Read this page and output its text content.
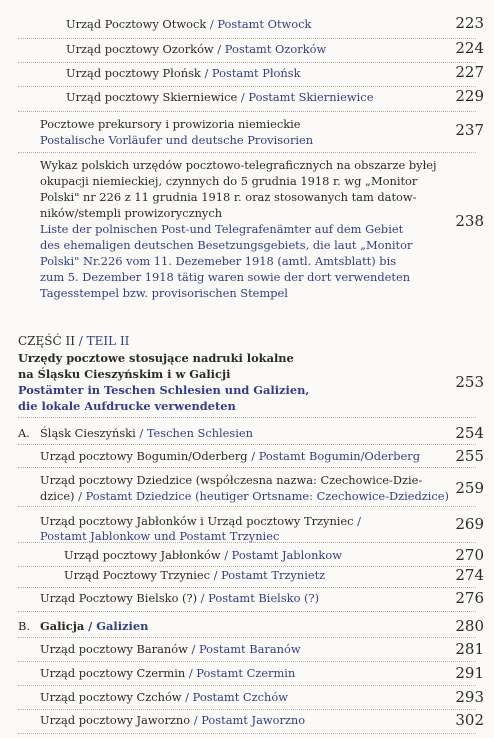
Urząd Pocztowy Otwock / Postamt Otwock	223
Urząd pocztowy Ozorków / Postamt Ozorków	224
Urząd pocztowy Płońsk / Postamt Płońsk	227
Urząd pocztowy Skierniewice / Postamt Skierniewice	229
Pocztowe prekursory i prowizoria niemieckie
Postalische Vorläufer und deutsche Provisorien
237
Wykaz polskich urzędów pocztowo-telegraficznych na obszarze byłej
okupacji niemieckiej, czynnych do 5 grudnia 1918 r. wg „Monitor
Polski" nr 226 z 11 grudnia 1918 r. oraz stosowanych tam datow-
ników/stempli prowizorycznych
Liste der polnischen Post-und Telegrafenämter auf dem Gebiet
des ehemaligen deutschen Besetzungsgebiets, die laut „Monitor
Polski" Nr.226 vom 11. Dezemeber 1918 (amtl. Amtsblatt) bis
zum 5. Dezember 1918 tätig waren sowie der dort verwendeten
Tagesstempel bzw. provisorischen Stempel
238
CZĘŚĆ II / TEIL II
Urzędy pocztowe stosujące nadruki lokalne
na Śląsku Cieszyńskim i w Galicji
Postämter in Teschen Schlesien und Galizien,
die lokale Aufdrucke verwendeten
253
A. Śląsk Cieszyński / Teschen Schlesien	254
Urząd pocztowy Bogumin/Oderberg / Postamt Bogumin/Oderberg 255
Urząd pocztowy Dziedzice (współczesna nazwa: Czechowice-Dzie-
dzice) / Postamt Dziedzice (heutiger Ortsname: Czechowice-Dziedzice) 259
Urząd pocztowy Jabłonków i Urząd pocztowy Trzyniec /
Postamt Jablonkow und Postamt Trzyniec
269
Urząd pocztowy Jabłonków / Postamt Jablonkow	270
Urząd Pocztowy Trzyniec / Postamt Trzynietz	274
Urząd Pocztowy Bielsko (?) / Postamt Bielsko (?)	276
B. Galicja / Galizien	280
Urząd pocztowy Baranów / Postamt Baranów	281
Urząd pocztowy Czermin / Postamt Czermin	291
Urząd pocztowy Czchów / Postamt Czchów	293
Urząd pocztowy Jaworzno / Postamt Jaworzno	302
